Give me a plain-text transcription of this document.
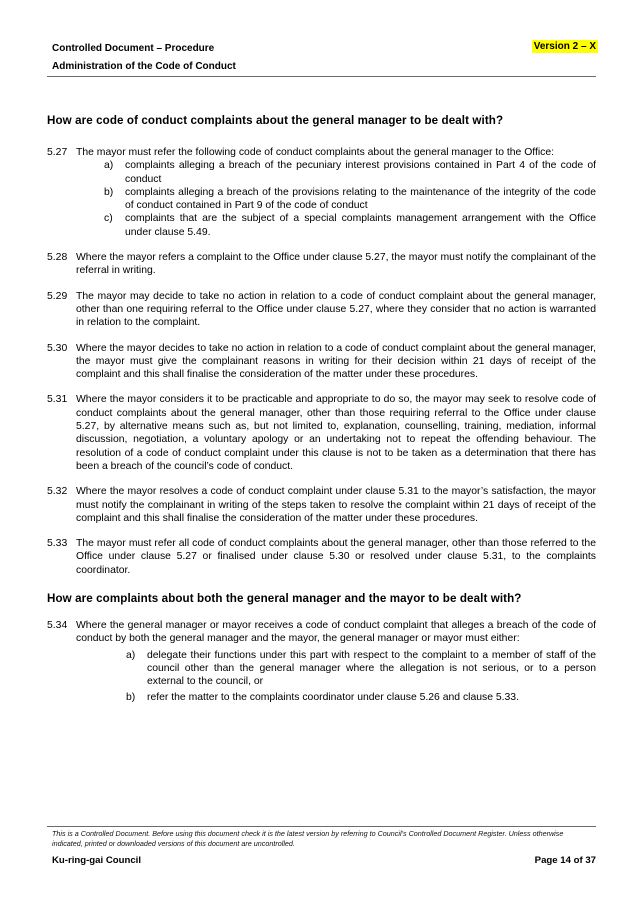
Controlled Document – Procedure
Administration of the Code of Conduct
Version 2 – X
How are code of conduct complaints about the general manager to be dealt with?
5.27 The mayor must refer the following code of conduct complaints about the general manager to the Office:

a)	complaints alleging a breach of the pecuniary interest provisions contained in Part 4 of the code of conduct
b)	complaints alleging a breach of the provisions relating to the maintenance of the integrity of the code of conduct contained in Part 9 of the code of conduct
c)	complaints that are the subject of a special complaints management arrangement with the Office under clause 5.49.
5.28 Where the mayor refers a complaint to the Office under clause 5.27, the mayor must notify the complainant of the referral in writing.
5.29 The mayor may decide to take no action in relation to a code of conduct complaint about the general manager, other than one requiring referral to the Office under clause 5.27, where they consider that no action is warranted in relation to the complaint.
5.30 Where the mayor decides to take no action in relation to a code of conduct complaint about the general manager, the mayor must give the complainant reasons in writing for their decision within 21 days of receipt of the complaint and this shall finalise the consideration of the matter under these procedures.
5.31 Where the mayor considers it to be practicable and appropriate to do so, the mayor may seek to resolve code of conduct complaints about the general manager, other than those requiring referral to the Office under clause 5.27, by alternative means such as, but not limited to, explanation, counselling, training, mediation, informal discussion, negotiation, a voluntary apology or an undertaking not to repeat the offending behaviour. The resolution of a code of conduct complaint under this clause is not to be taken as a determination that there has been a breach of the council’s code of conduct.
5.32 Where the mayor resolves a code of conduct complaint under clause 5.31 to the mayor’s satisfaction, the mayor must notify the complainant in writing of the steps taken to resolve the complaint within 21 days of receipt of the complaint and this shall finalise the consideration of the matter under these procedures.
5.33 The mayor must refer all code of conduct complaints about the general manager, other than those referred to the Office under clause 5.27 or finalised under clause 5.30 or resolved under clause 5.31, to the complaints coordinator.
How are complaints about both the general manager and the mayor to be dealt with?
5.34 Where the general manager or mayor receives a code of conduct complaint that alleges a breach of the code of conduct by both the general manager and the mayor, the general manager or mayor must either:

a)	delegate their functions under this part with respect to the complaint to a member of staff of the council other than the general manager where the allegation is not serious, or to a person external to the council, or
b)	refer the matter to the complaints coordinator under clause 5.26 and clause 5.33.
This is a Controlled Document. Before using this document check it is the latest version by referring to Council’s Controlled Document Register. Unless otherwise indicated, printed or downloaded versions of this document are uncontrolled.
Ku-ring-gai Council	Page 14 of 37
